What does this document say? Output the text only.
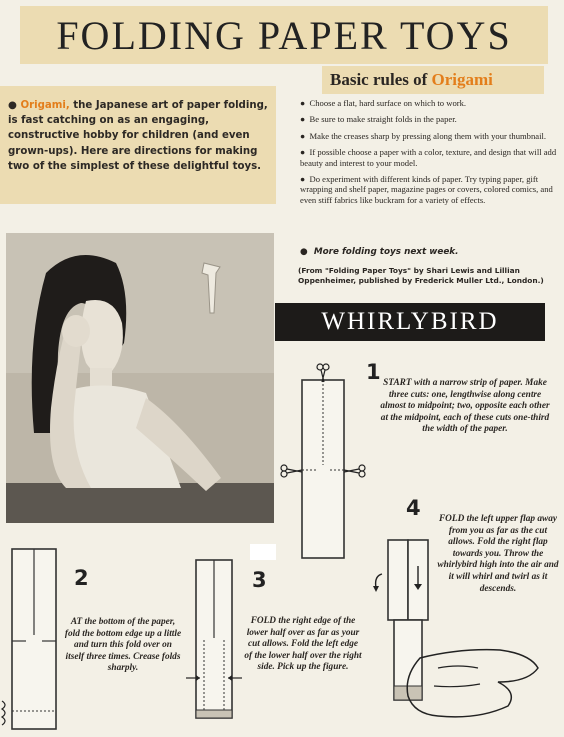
FOLDING PAPER TOYS
● Origami, the Japanese art of paper folding, is fast catching on as an engaging, constructive hobby for children (and even grown-ups). Here are directions for making two of the simplest of these delightful toys.
Basic rules of Origami
●  Choose a flat, hard surface on which to work.
●  Be sure to make straight folds in the paper.
●  Make the creases sharp by pressing along them with your thumbnail.
●  If possible choose a paper with a color, texture, and design that will add beauty and interest to your model.
●  Do experiment with different kinds of paper. Try typing paper, gift wrapping and shelf paper, magazine pages or covers, colored comics, and even stiff fabrics like buckram for a variety of effects.
●  More folding toys next week.
(From "Folding Paper Toys" by Shari Lewis and Lillian Oppenheimer, published by Frederick Muller Ltd., London.)
WHIRLYBIRD
1 START with a narrow strip of paper. Make three cuts: one, lengthwise along centre almost to midpoint; two, opposite each other at the midpoint, each of these cuts one-third the width of the paper.
2
AT the bottom of the paper, fold the bottom edge up a little and turn this fold over on itself three times. Crease folds sharply.
3
FOLD the right edge of the lower half over as far as your cut allows. Fold the left edge of the lower half over the right side. Pick up the figure.
4	FOLD the left upper flap away from you as far as the cut allows. Fold the right flap towards you. Throw the whirlybird high into the air and it will whirl and twirl as it descends.
